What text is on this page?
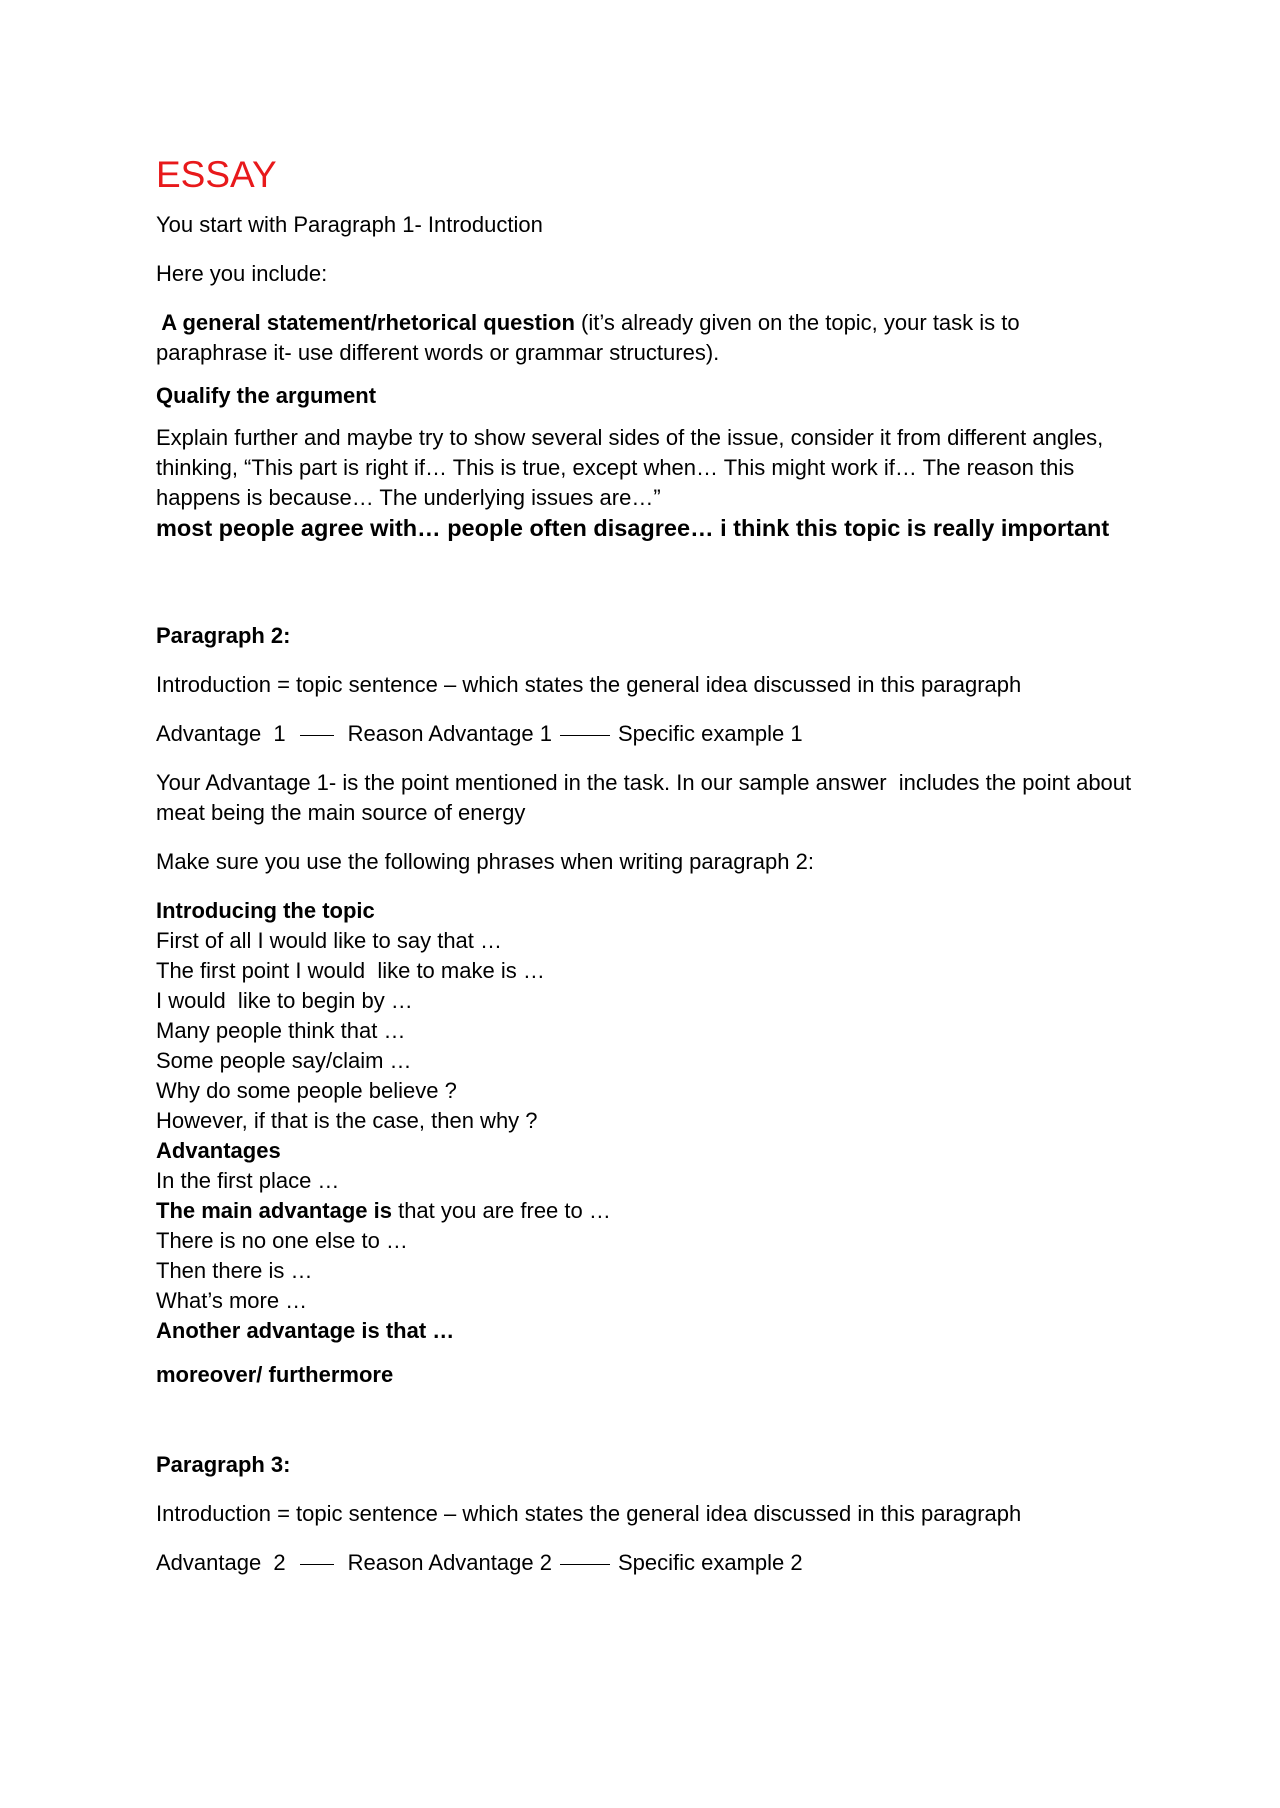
ESSAY

You start with Paragraph 1- Introduction

Here you include:

A general statement/rhetorical question (it’s already given on the topic, your task is to paraphrase it- use different words or grammar structures).

Qualify the argument

Explain further and maybe try to show several sides of the issue, consider it from different angles, thinking, “This part is right if… This is true, except when… This might work if… The reason this happens is because… The underlying issues are…”

most people agree with… people often disagree… i think this topic is really important

Paragraph 2:

Introduction = topic sentence – which states the general idea discussed in this paragraph

Advantage  1	Reason Advantage 1	Specific example 1

Your Advantage 1- is the point mentioned in the task. In our sample answer  includes the point about meat being the main source of energy

Make sure you use the following phrases when writing paragraph 2:

Introducing the topic
First of all I would like to say that …
The first point I would  like to make is …
I would  like to begin by …
Many people think that …
Some people say/claim …
Why do some people believe ?
However, if that is the case, then why ?
Advantages
In the first place …
The main advantage is that you are free to …
There is no one else to …
Then there is …
What’s more …
Another advantage is that …

moreover/ furthermore

Paragraph 3:

Introduction = topic sentence – which states the general idea discussed in this paragraph

Advantage  2	Reason Advantage 2	Specific example 2
